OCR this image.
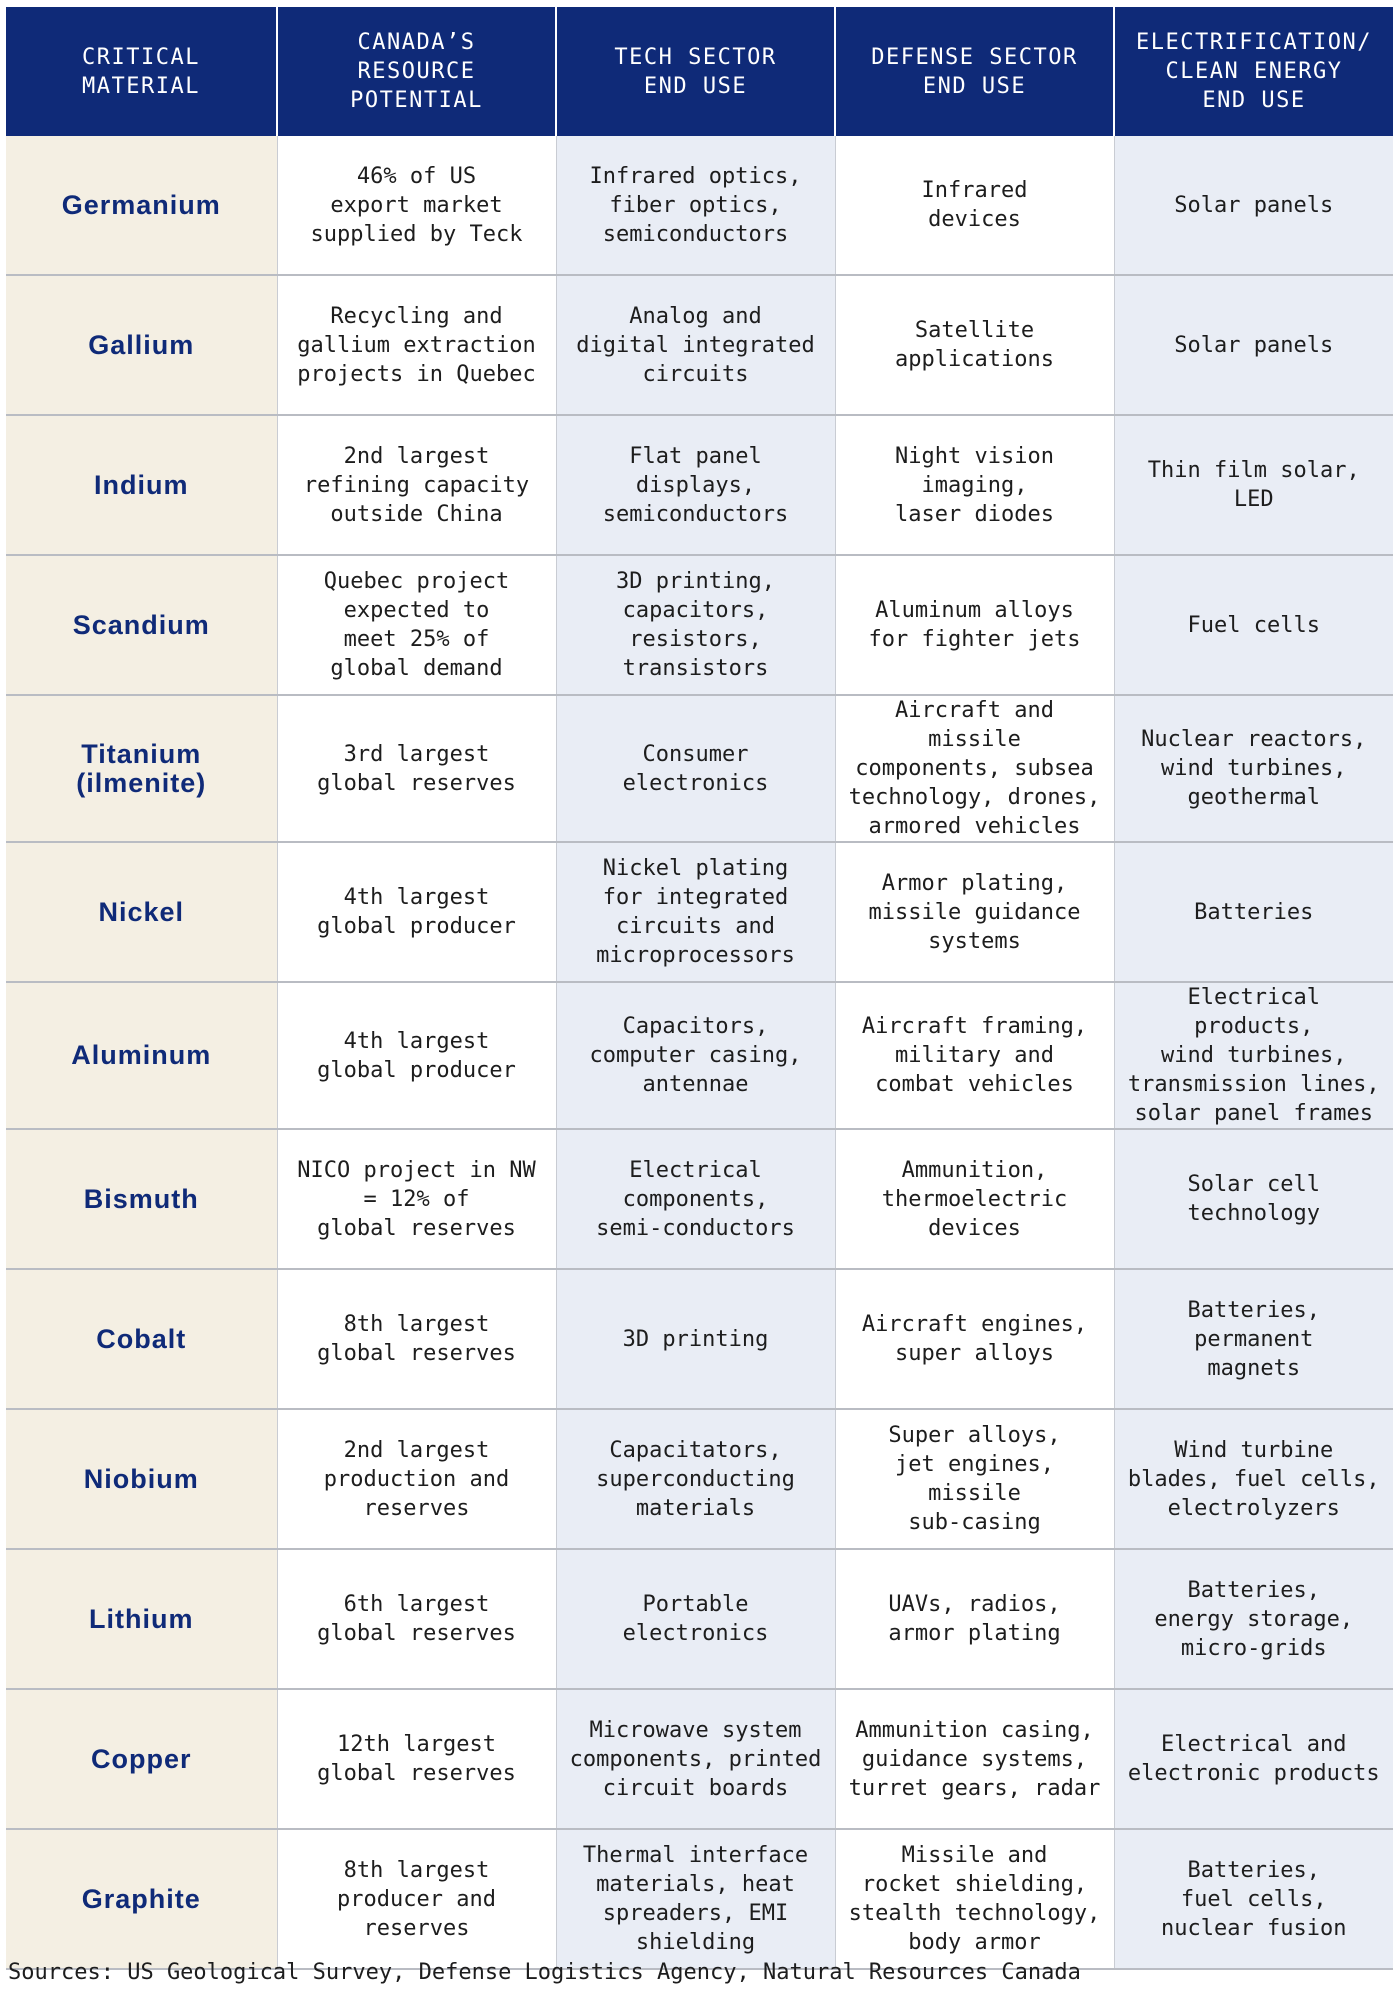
CRITICAL
MATERIAL	CANADA’S
RESOURCE
POTENTIAL	TECH SECTOR
END USE	DEFENSE SECTOR
END USE	ELECTRIFICATION/
CLEAN ENERGY
END USE
Germanium	46% of US
export market
supplied by Teck	Infrared optics,
fiber optics,
semiconductors	Infrared
devices	Solar panels
Gallium	Recycling and
gallium extraction
projects in Quebec	Analog and
digital integrated
circuits	Satellite
applications	Solar panels
Indium	2nd largest
refining capacity
outside China	Flat panel
displays,
semiconductors	Night vision
imaging,
laser diodes	Thin film solar,
LED
Scandium	Quebec project
expected to
meet 25% of
global demand	3D printing,
capacitors,
resistors,
transistors	Aluminum alloys
for fighter jets	Fuel cells
Titanium
(ilmenite)	3rd largest
global reserves	Consumer
electronics	Aircraft and missile
components, subsea
technology, drones,
armored vehicles	Nuclear reactors,
wind turbines,
geothermal
Nickel	4th largest
global producer	Nickel plating
for integrated
circuits and
microprocessors	Armor plating,
missile guidance
systems	Batteries
Aluminum	4th largest
global producer	Capacitors,
computer casing,
antennae	Aircraft framing,
military and
combat vehicles	Electrical products,
wind turbines,
transmission lines,
solar panel frames
Bismuth	NICO project in NW
= 12% of
global reserves	Electrical
components,
semi-conductors	Ammunition,
thermoelectric
devices	Solar cell
technology
Cobalt	8th largest
global reserves	3D printing	Aircraft engines,
super alloys	Batteries,
permanent
magnets
Niobium	2nd largest
production and
reserves	Capacitators,
superconducting
materials	Super alloys,
jet engines, missile
sub-casing	Wind turbine
blades, fuel cells,
electrolyzers
Lithium	6th largest
global reserves	Portable
electronics	UAVs, radios,
armor plating	Batteries,
energy storage,
micro-grids
Copper	12th largest
global reserves	Microwave system
components, printed
circuit boards	Ammunition casing,
guidance systems,
turret gears, radar	Electrical and
electronic products
Graphite	8th largest
producer and
reserves	Thermal interface
materials, heat
spreaders, EMI
shielding	Missile and
rocket shielding,
stealth technology,
body armor	Batteries,
fuel cells,
nuclear fusion
Sources: US Geological Survey, Defense Logistics Agency, Natural Resources Canada
